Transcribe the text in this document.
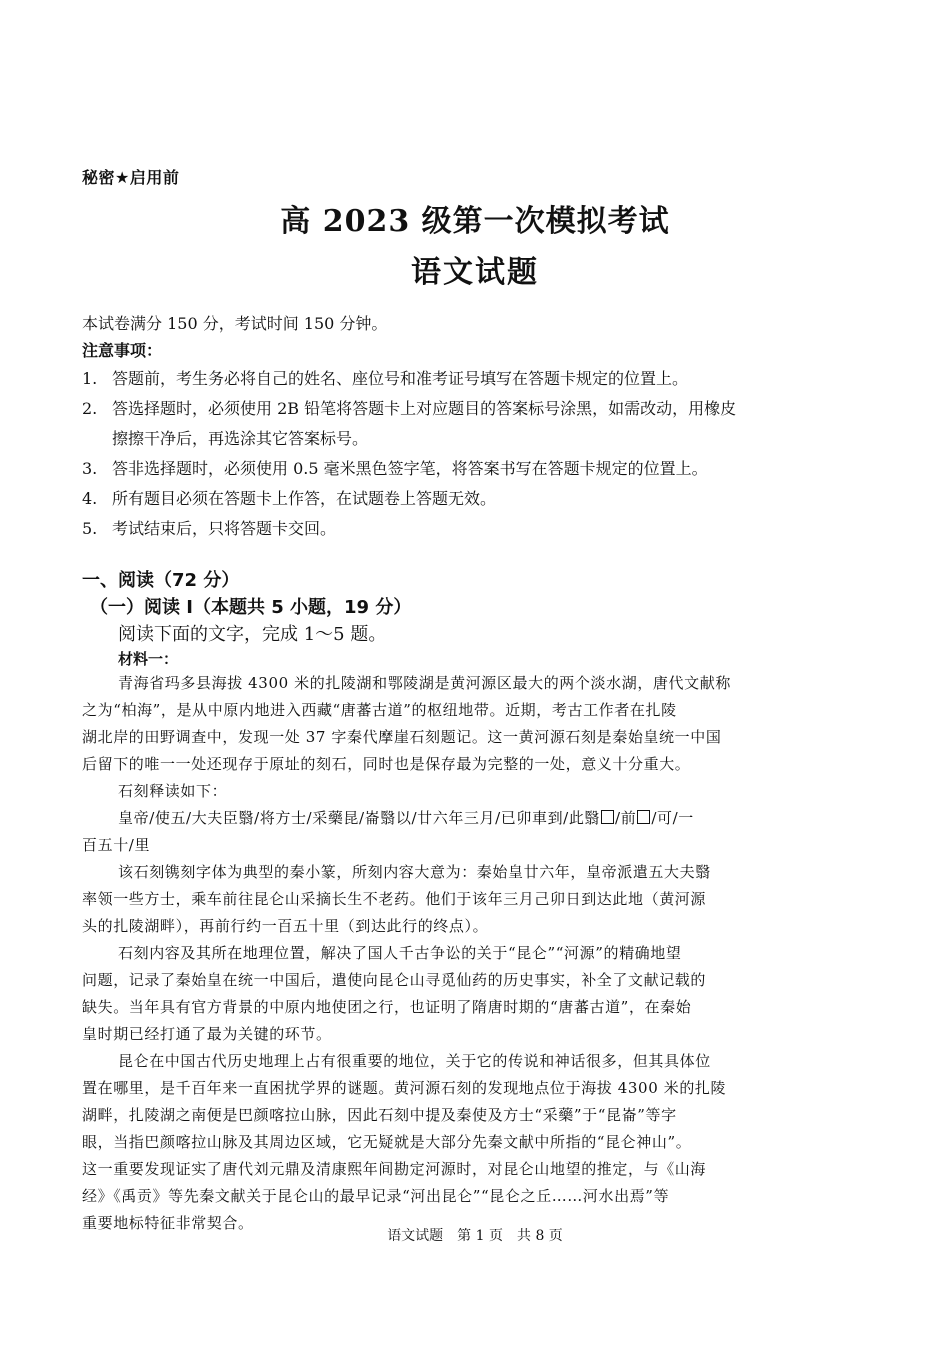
秘密★启用前
高 2023 级第一次模拟考试
语文试题
本试卷满分 150 分，考试时间 150 分钟。
注意事项：
1. 答题前，考生务必将自己的姓名、座位号和准考证号填写在答题卡规定的位置上。
2. 答选择题时，必须使用 2B 铅笔将答题卡上对应题目的答案标号涂黑，如需改动，用橡皮
擦擦干净后，再选涂其它答案标号。
3. 答非选择题时，必须使用 0.5 毫米黑色签字笔，将答案书写在答题卡规定的位置上。
4. 所有题目必须在答题卡上作答，在试题卷上答题无效。
5. 考试结束后，只将答题卡交回。
一、阅读（72 分）
（一）阅读 I（本题共 5 小题，19 分）
阅读下面的文字，完成 1～5 题。
材料一：
青海省玛多县海拔 4300 米的扎陵湖和鄂陵湖是黄河源区最大的两个淡水湖，唐代文献称
之为“柏海”，是从中原内地进入西藏“唐蕃古道”的枢纽地带。近期，考古工作者在扎陵
湖北岸的田野调查中，发现一处 37 字秦代摩崖石刻题记。这一黄河源石刻是秦始皇统一中国
后留下的唯一一处还现存于原址的刻石，同时也是保存最为完整的一处，意义十分重大。
石刻释读如下：
皇帝/使五/大夫臣翳/将方士/采藥昆/崙翳以/廿六年三月/已卯車到/此翳 /前 /可/一
百五十/里
该石刻镌刻字体为典型的秦小篆，所刻内容大意为：秦始皇廿六年，皇帝派遣五大夫翳
率领一些方士，乘车前往昆仑山采摘长生不老药。他们于该年三月己卯日到达此地（黄河源
头的扎陵湖畔），再前行约一百五十里（到达此行的终点）。
石刻内容及其所在地理位置，解决了国人千古争讼的关于“昆仑”“河源”的精确地望
问题，记录了秦始皇在统一中国后，遣使向昆仑山寻觅仙药的历史事实，补全了文献记载的
缺失。当年具有官方背景的中原内地使团之行，也证明了隋唐时期的“唐蕃古道”，在秦始
皇时期已经打通了最为关键的环节。
昆仑在中国古代历史地理上占有很重要的地位，关于它的传说和神话很多，但其具体位
置在哪里，是千百年来一直困扰学界的谜题。黄河源石刻的发现地点位于海拔 4300 米的扎陵
湖畔，扎陵湖之南便是巴颜喀拉山脉，因此石刻中提及秦使及方士“采藥”于“昆崙”等字
眼，当指巴颜喀拉山脉及其周边区域，它无疑就是大部分先秦文献中所指的“昆仑神山”。
这一重要发现证实了唐代刘元鼎及清康熙年间勘定河源时，对昆仑山地望的推定，与《山海
经》《禹贡》等先秦文献关于昆仑山的最早记录“河出昆仑”“昆仑之丘……河水出焉”等
重要地标特征非常契合。
语文试题　第 1 页　共 8 页
